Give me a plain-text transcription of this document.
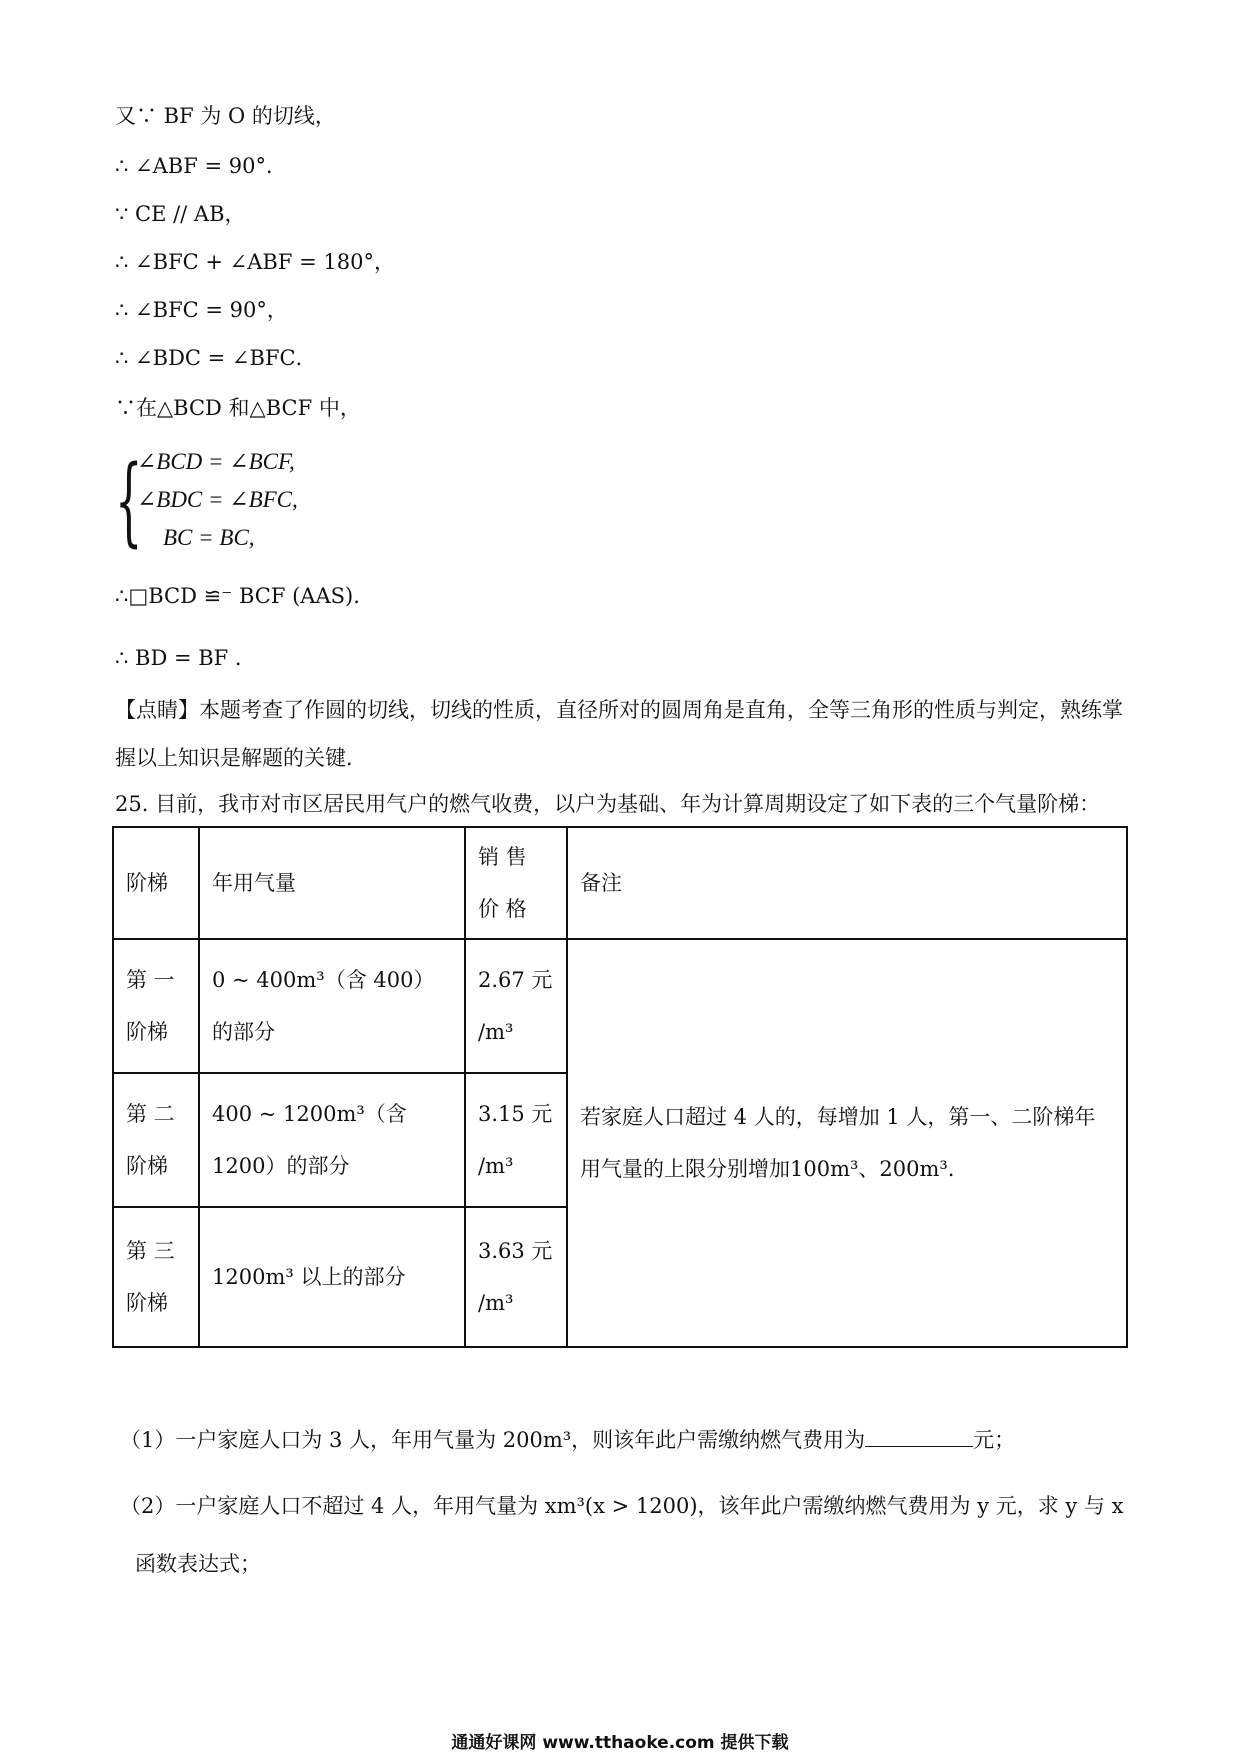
又∵ BF 为 O 的切线，
∴ ∠ABF = 90°．
∵ CE // AB，
∴ ∠BFC + ∠ABF = 180°，
∴ ∠BFC = 90°，
∴ ∠BDC = ∠BFC．
∵在△BCD 和△BCF 中，
{
∠BCD = ∠BCF,
∠BDC = ∠BFC,
BC = BC,
∴□BCD ≌⁻ BCF (AAS).
∴ BD = BF ．
【点睛】本题考查了作圆的切线，切线的性质，直径所对的圆周角是直角，全等三角形的性质与判定，熟练掌握以上知识是解题的关键．
25. 目前，我市对市区居民用气户的燃气收费，以户为基础、年为计算周期设定了如下表的三个气量阶梯：
阶梯	年用气量	销 售 价 格	备注
第 一 阶梯	0 ~ 400m³（含 400）的部分	2.67 元 /m³	若家庭人口超过 4 人的，每增加 1 人，第一、二阶梯年用气量的上限分别增加100m³、200m³．
第 二 阶梯	400 ~ 1200m³（含 1200）的部分	3.15 元 /m³	
第 三 阶梯	1200m³ 以上的部分	3.63 元 /m³	
（1）一户家庭人口为 3 人，年用气量为 200m³，则该年此户需缴纳燃气费用为	元；
（2）一户家庭人口不超过 4 人，年用气量为 xm³(x > 1200)，该年此户需缴纳燃气费用为 y 元，求 y 与 x
函数表达式；
通通好课网 www.tthaoke.com 提供下载
